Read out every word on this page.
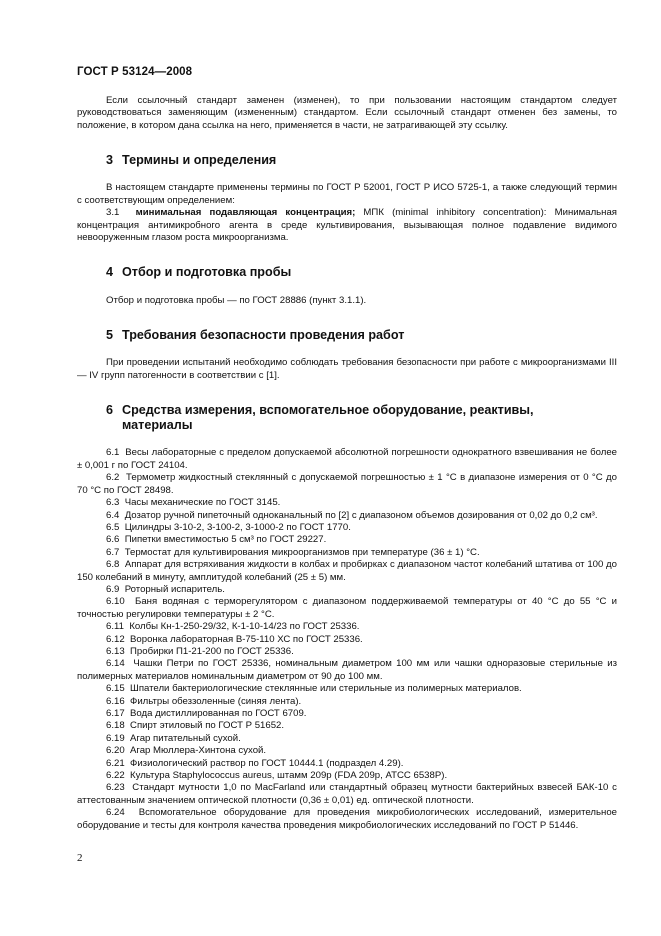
ГОСТ Р 53124—2008

Если ссылочный стандарт заменен (изменен), то при пользовании настоящим стандартом следует руководствоваться заменяющим (измененным) стандартом. Если ссылочный стандарт отменен без замены, то положение, в котором дана ссылка на него, применяется в части, не затрагивающей эту ссылку.

3 Термины и определения

В настоящем стандарте применены термины по ГОСТ Р 52001, ГОСТ Р ИСО 5725-1, а также следующий термин с соответствующим определением:

3.1 минимальная подавляющая концентрация; МПК (minimal inhibitory concentration): Минимальная концентрация антимикробного агента в среде культивирования, вызывающая полное подавление видимого невооруженным глазом роста микроорганизма.

4 Отбор и подготовка пробы

Отбор и подготовка пробы — по ГОСТ 28886 (пункт 3.1.1).

5 Требования безопасности проведения работ

При проведении испытаний необходимо соблюдать требования безопасности при работе с микроорганизмами III — IV групп патогенности в соответствии с [1].

6 Средства измерения, вспомогательное оборудование, реактивы,
материалы

6.1 Весы лабораторные с пределом допускаемой абсолютной погрешности однократного взвешивания не более ± 0,001 г по ГОСТ 24104.

6.2 Термометр жидкостный стеклянный с допускаемой погрешностью ± 1 °С в диапазоне измерения от 0 °С до 70 °С по ГОСТ 28498.

6.3 Часы механические по ГОСТ 3145.

6.4 Дозатор ручной пипеточный одноканальный по [2] с диапазоном объемов дозирования от 0,02 до 0,2 см³.

6.5 Цилиндры 3-10-2, 3-100-2, 3-1000-2 по ГОСТ 1770.

6.6 Пипетки вместимостью 5 см³ по ГОСТ 29227.

6.7 Термостат для культивирования микроорганизмов при температуре (36 ± 1) °С.

6.8 Аппарат для встряхивания жидкости в колбах и пробирках с диапазоном частот колебаний штатива от 100 до 150 колебаний в минуту, амплитудой колебаний (25 ± 5) мм.

6.9 Роторный испаритель.

6.10 Баня водяная с терморегулятором с диапазоном поддерживаемой температуры от 40 °С до 55 °С и точностью регулировки температуры ± 2 °С.

6.11 Колбы Кн-1-250-29/32, К-1-10-14/23 по ГОСТ 25336.

6.12 Воронка лабораторная В-75-110 ХС по ГОСТ 25336.

6.13 Пробирки П1-21-200 по ГОСТ 25336.

6.14 Чашки Петри по ГОСТ 25336, номинальным диаметром 100 мм или чашки одноразовые стерильные из полимерных материалов номинальным диаметром от 90 до 100 мм.

6.15 Шпатели бактериологические стеклянные или стерильные из полимерных материалов.

6.16 Фильтры обеззоленные (синяя лента).

6.17 Вода дистиллированная по ГОСТ 6709.

6.18 Спирт этиловый по ГОСТ Р 51652.

6.19 Агар питательный сухой.

6.20 Агар Мюллера-Хинтона сухой.

6.21 Физиологический раствор по ГОСТ 10444.1 (подраздел 4.29).

6.22 Культура Staphylococcus aureus, штамм 209р (FDA 209р, АТСС 6538Р).

6.23 Стандарт мутности 1,0 по MacFarland или стандартный образец мутности бактерийных взвесей БАК-10 с аттестованным значением оптической плотности (0,36 ± 0,01) ед. оптической плотности.

6.24 Вспомогательное оборудование для проведения микробиологических исследований, измерительное оборудование и тесты для контроля качества проведения микробиологических исследований по ГОСТ Р 51446.

2
